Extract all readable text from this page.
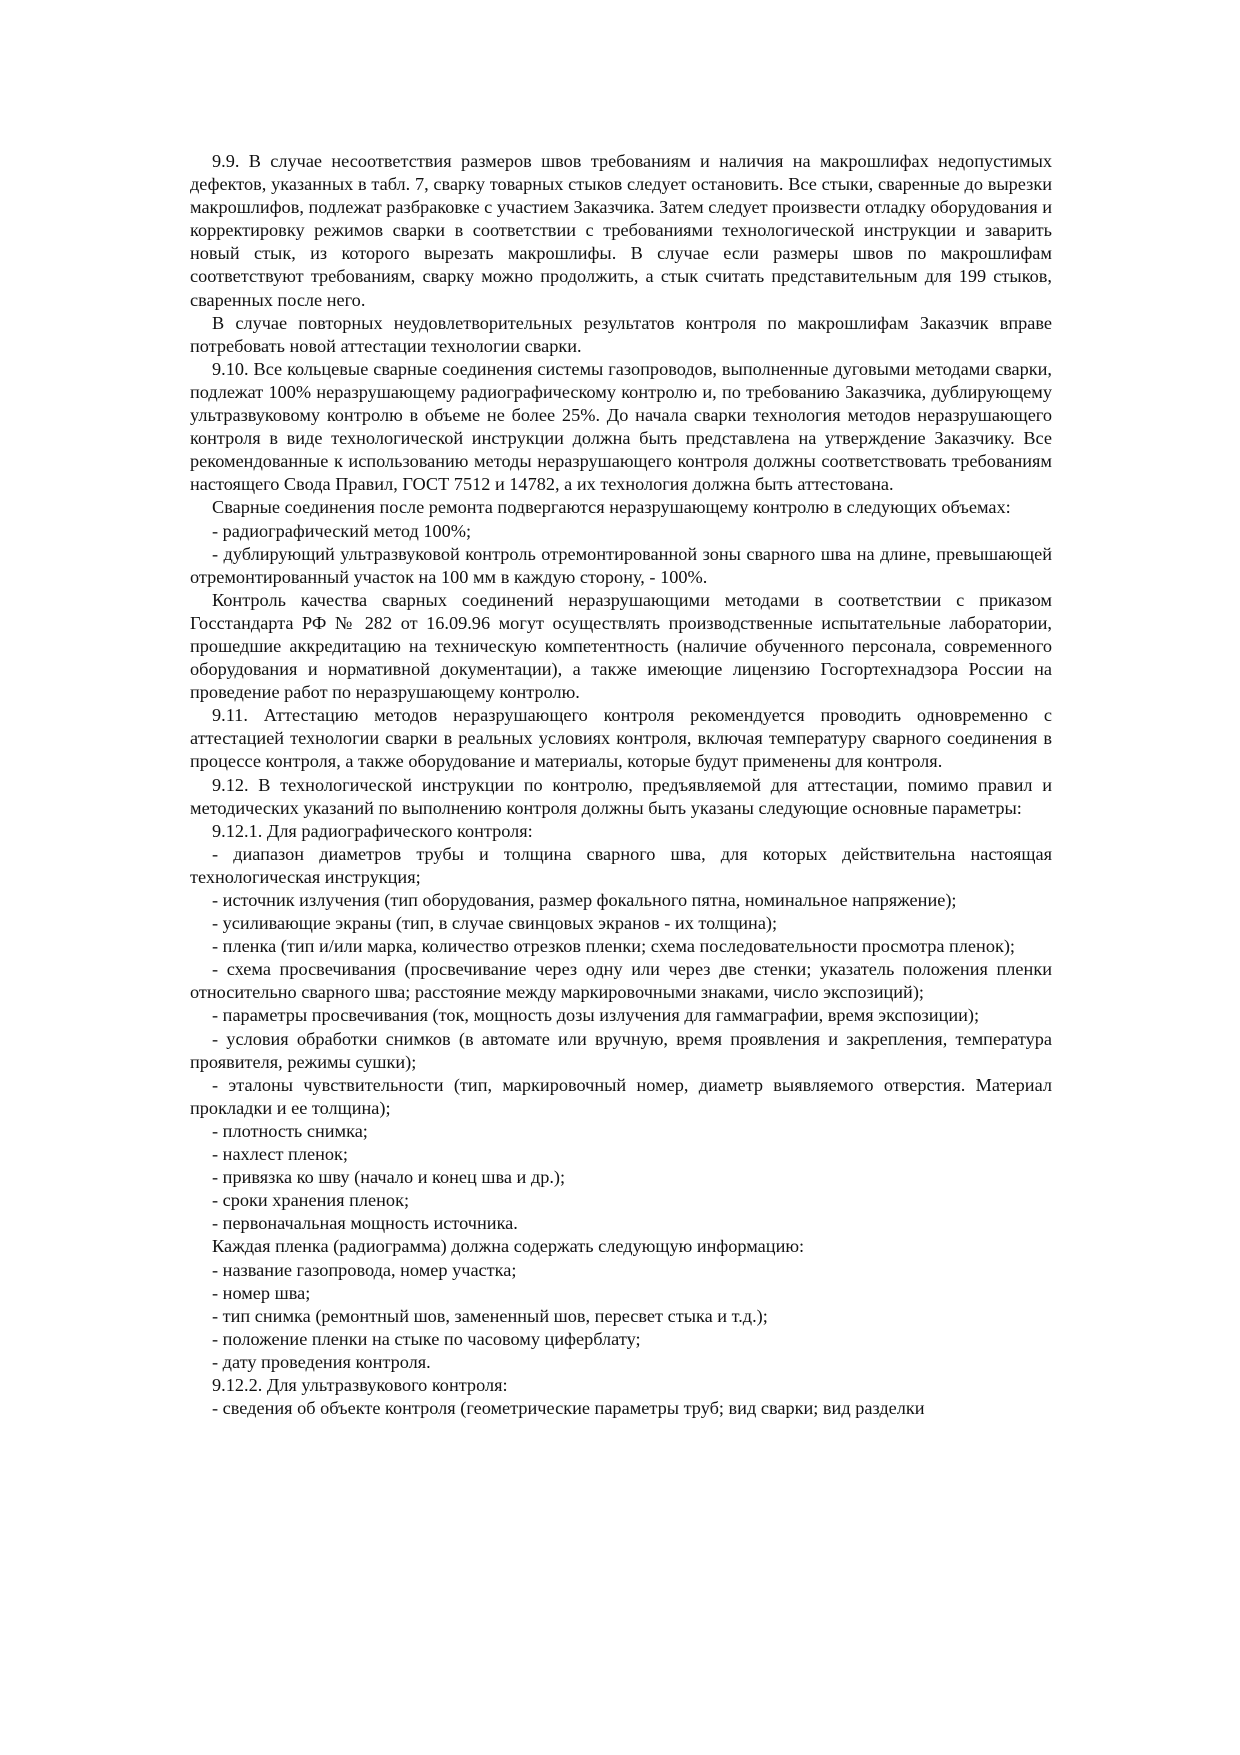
9.9. В случае несоответствия размеров швов требованиям и наличия на макрошлифах недопустимых дефектов, указанных в табл. 7, сварку товарных стыков следует остановить. Все стыки, сваренные до вырезки макрошлифов, подлежат разбраковке с участием Заказчика. Затем следует произвести отладку оборудования и корректировку режимов сварки в соответствии с требованиями технологической инструкции и заварить новый стык, из которого вырезать макрошлифы. В случае если размеры швов по макрошлифам соответствуют требованиям, сварку можно продолжить, а стык считать представительным для 199 стыков, сваренных после него.

В случае повторных неудовлетворительных результатов контроля по макрошлифам Заказчик вправе потребовать новой аттестации технологии сварки.

9.10. Все кольцевые сварные соединения системы газопроводов, выполненные дуговыми методами сварки, подлежат 100% неразрушающему радиографическому контролю и, по требованию Заказчика, дублирующему ультразвуковому контролю в объеме не более 25%. До начала сварки технология методов неразрушающего контроля в виде технологической инструкции должна быть представлена на утверждение Заказчику. Все рекомендованные к использованию методы неразрушающего контроля должны соответствовать требованиям настоящего Свода Правил, ГОСТ 7512 и 14782, а их технология должна быть аттестована.

Сварные соединения после ремонта подвергаются неразрушающему контролю в следующих объемах:

- радиографический метод 100%;

- дублирующий ультразвуковой контроль отремонтированной зоны сварного шва на длине, превышающей отремонтированный участок на 100 мм в каждую сторону, - 100%.

Контроль качества сварных соединений неразрушающими методами в соответствии с приказом Госстандарта РФ № 282 от 16.09.96 могут осуществлять производственные испытательные лаборатории, прошедшие аккредитацию на техническую компетентность (наличие обученного персонала, современного оборудования и нормативной документации), а также имеющие лицензию Госгортехнадзора России на проведение работ по неразрушающему контролю.

9.11. Аттестацию методов неразрушающего контроля рекомендуется проводить одновременно с аттестацией технологии сварки в реальных условиях контроля, включая температуру сварного соединения в процессе контроля, а также оборудование и материалы, которые будут применены для контроля.

9.12. В технологической инструкции по контролю, предъявляемой для аттестации, помимо правил и методических указаний по выполнению контроля должны быть указаны следующие основные параметры:

9.12.1. Для радиографического контроля:

- диапазон диаметров трубы и толщина сварного шва, для которых действительна настоящая технологическая инструкция;

- источник излучения (тип оборудования, размер фокального пятна, номинальное напряжение);

- усиливающие экраны (тип, в случае свинцовых экранов - их толщина);

- пленка (тип и/или марка, количество отрезков пленки; схема последовательности просмотра пленок);

- схема просвечивания (просвечивание через одну или через две стенки; указатель положения пленки относительно сварного шва; расстояние между маркировочными знаками, число экспозиций);

- параметры просвечивания (ток, мощность дозы излучения для гаммаграфии, время экспозиции);

- условия обработки снимков (в автомате или вручную, время проявления и закрепления, температура проявителя, режимы сушки);

- эталоны чувствительности (тип, маркировочный номер, диаметр выявляемого отверстия. Материал прокладки и ее толщина);

- плотность снимка;

- нахлест пленок;

- привязка ко шву (начало и конец шва и др.);

- сроки хранения пленок;

- первоначальная мощность источника.

Каждая пленка (радиограмма) должна содержать следующую информацию:

- название газопровода, номер участка;

- номер шва;

- тип снимка (ремонтный шов, замененный шов, пересвет стыка и т.д.);

- положение пленки на стыке по часовому циферблату;

- дату проведения контроля.

9.12.2. Для ультразвукового контроля:

- сведения об объекте контроля (геометрические параметры труб; вид сварки; вид разделки
